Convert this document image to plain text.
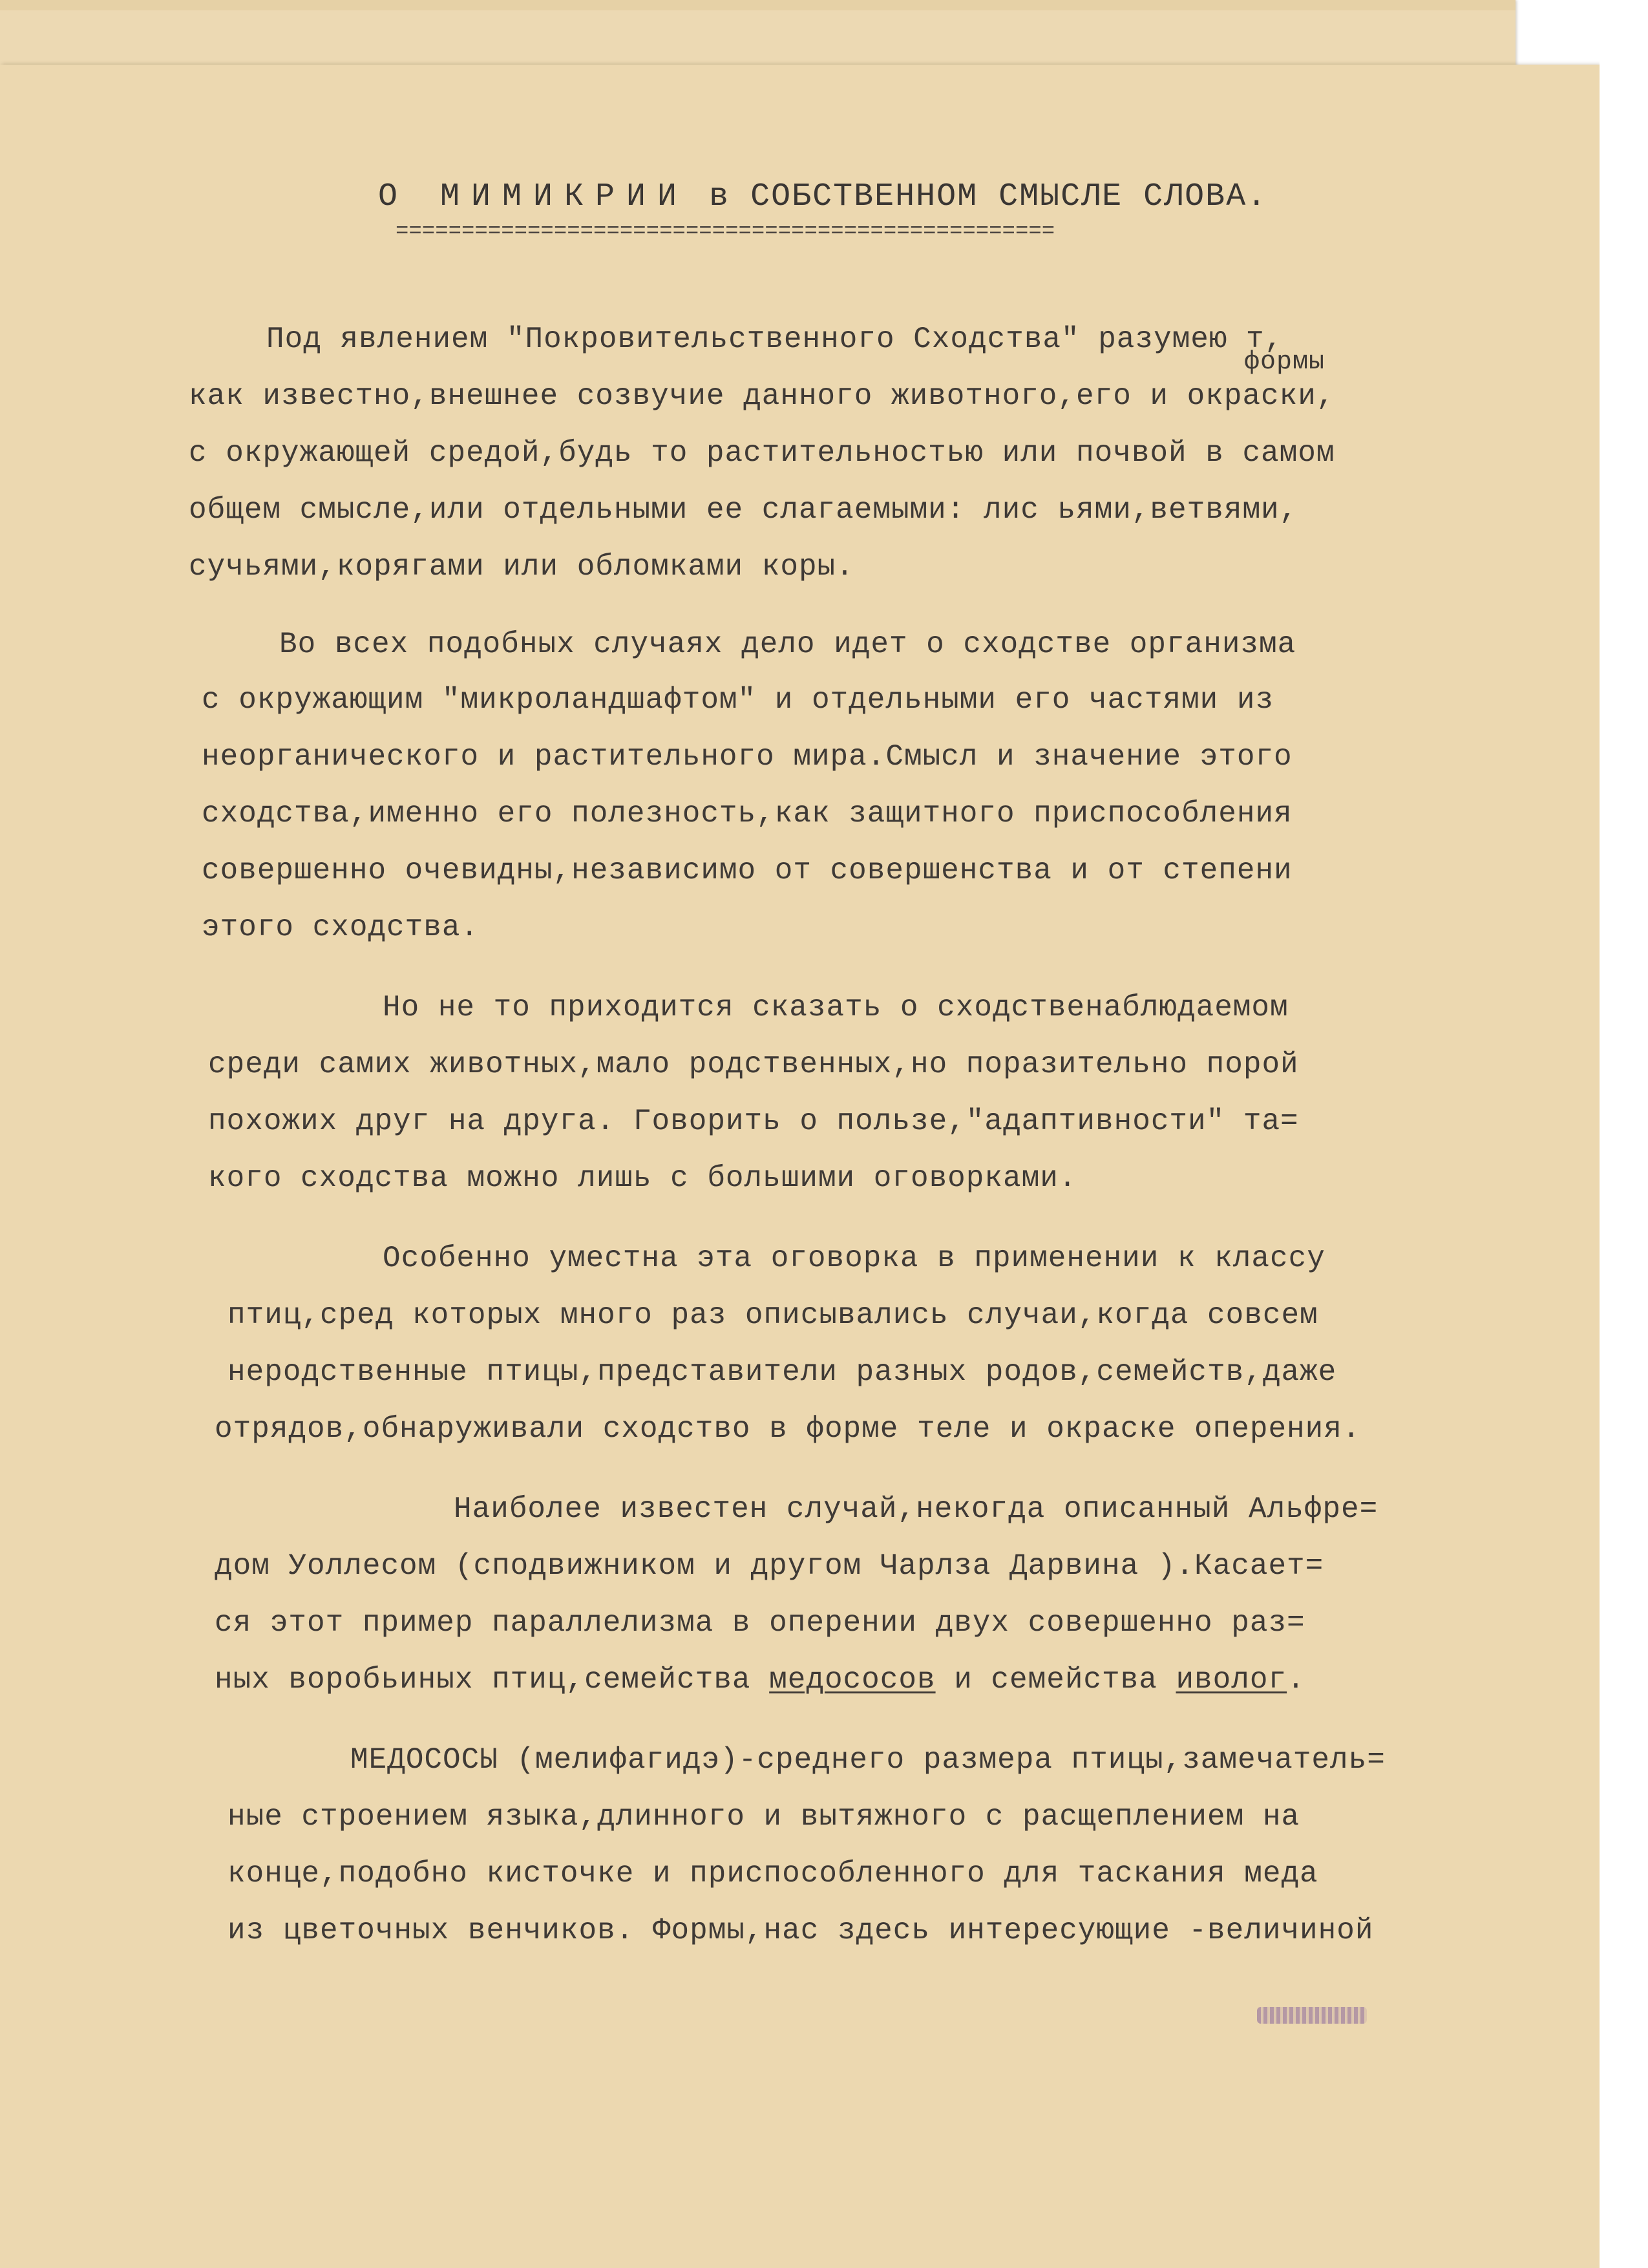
О МИМИКРИИ в СОБСТВЕННОМ СМЫСЛЕ СЛОВА.
==================================================
формы
Под явлением "Покровительственного Сходства" разумею т,
как известно,внешнее созвучие данного животного,его и окраски,
с окружающей средой,будь то растительностью или почвой в самом
общем смысле,или отдельными ее слагаемыми: лис ьями,ветвями,
сучьями,корягами или обломками коры.
Во всех подобных случаях дело идет о сходстве организма
с окружающим "микроландшафтом" и отдельными его частями из
неорганического и растительного мира.Смысл и значение этого
сходства,именно его полезность,как защитного приспособления
совершенно очевидны,независимо от совершенства и от степени
этого сходства.
Но не то приходится сказать о сходственаблюдаемом
среди самих животных,мало родственных,но поразительно порой
похожих друг на друга. Говорить о пользе,"адаптивности" та=
кого сходства можно лишь с большими оговорками.
Особенно уместна эта оговорка в применении к классу
птиц,сред которых много раз описывались случаи,когда совсем
неродственные птицы,представители разных родов,семейств,даже
отрядов,обнаруживали сходство в форме теле и окраске оперения.
Наиболее известен случай,некогда описанный Альфре=
дом Уоллесом (сподвижником и другом Чарлза Дарвина ).Касает=
ся этот пример параллелизма в оперении двух совершенно раз=
ных воробьиных птиц,семейства медососов и семейства иволог.
МЕДОСОСЫ (мелифагидэ)-среднего размера птицы,замечатель=
ные строением языка,длинного и вытяжного с расщеплением на
конце,подобно кисточке и приспособленного для таскания меда
из цветочных венчиков. Формы,нас здесь интересующие -величиной
